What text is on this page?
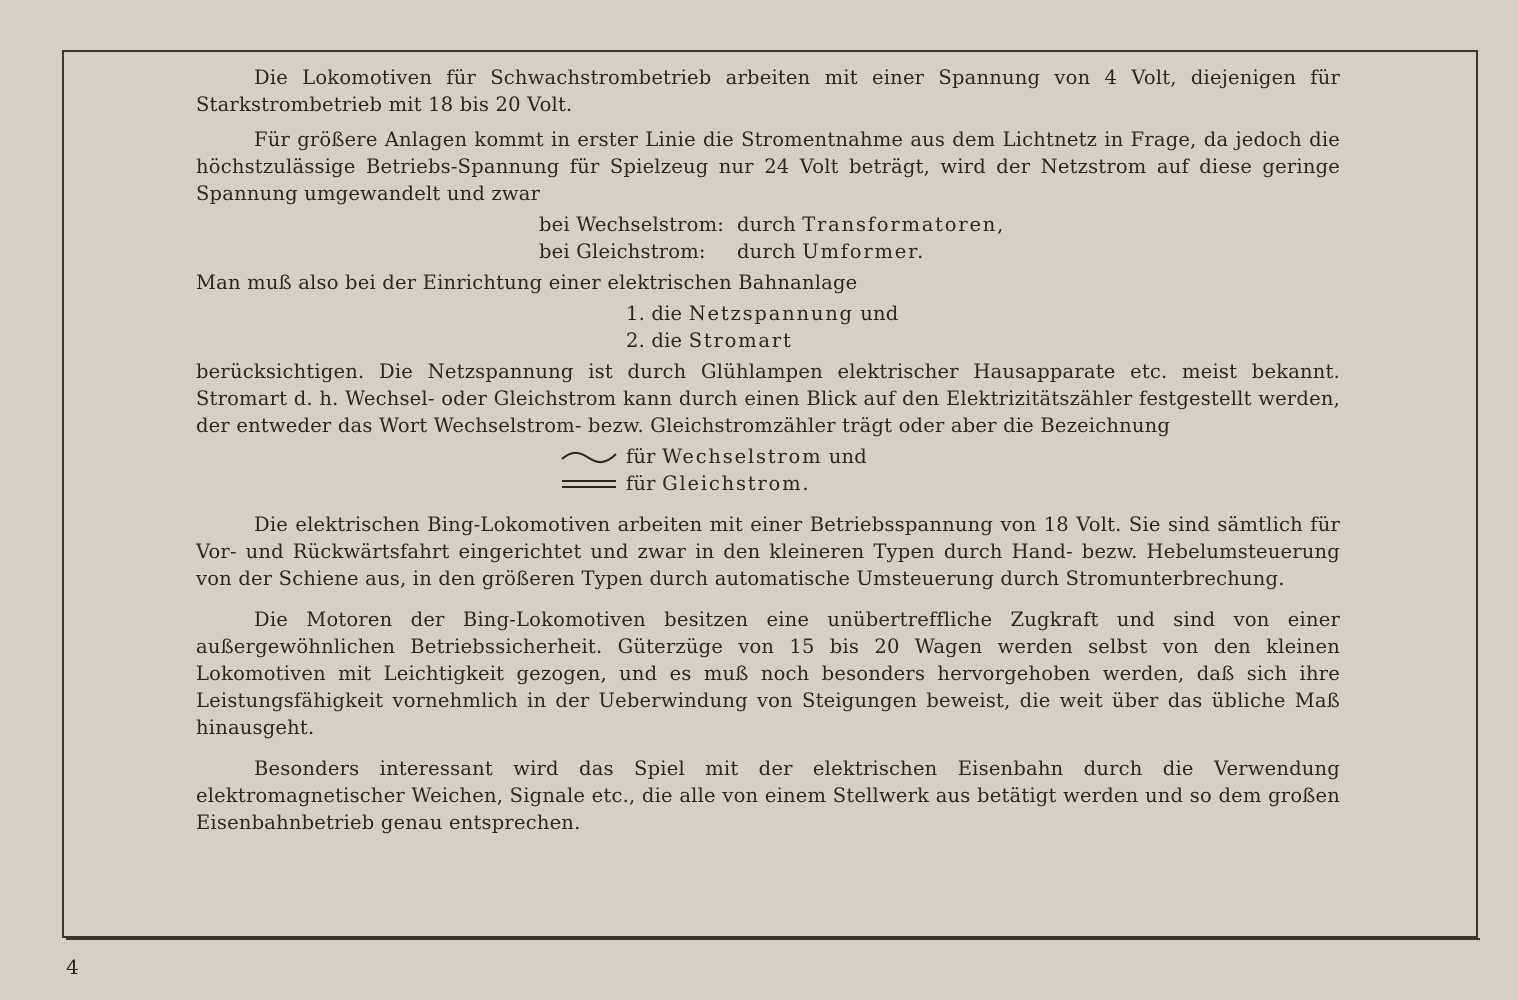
Die Lokomotiven für Schwachstrombetrieb arbeiten mit einer Spannung von 4 Volt, diejenigen für Starkstrombetrieb mit 18 bis 20 Volt.

Für größere Anlagen kommt in erster Linie die Stromentnahme aus dem Lichtnetz in Frage, da jedoch die höchstzulässige Betriebs-Spannung für Spielzeug nur 24 Volt beträgt, wird der Netzstrom auf diese geringe Spannung umgewandelt und zwar

bei Wechselstrom: durch
Transformatoren,
bei Gleichstrom:	durch
Umformer.

Man muß also bei der Einrichtung einer elektrischen Bahnanlage

1.
die
Netzspannung
und
2.
die
Stromart

berücksichtigen. Die Netzspannung ist durch Glühlampen elektrischer Hausapparate etc. meist bekannt. Stromart d. h. Wechsel- oder Gleichstrom kann durch einen Blick auf den Elektrizitätszähler festgestellt werden, der entweder das Wort Wechselstrom- bezw. Gleichstromzähler trägt oder aber die Bezeichnung

für
Wechselstrom
und
für
Gleichstrom.

Die elektrischen Bing-Lokomotiven arbeiten mit einer Betriebsspannung von 18 Volt. Sie sind sämtlich für Vor- und Rückwärtsfahrt eingerichtet und zwar in den kleineren Typen durch Hand- bezw. Hebelumsteuerung von der Schiene aus, in den größeren Typen durch automatische Umsteuerung durch Stromunterbrechung.

Die Motoren der Bing-Lokomotiven besitzen eine unübertreffliche Zugkraft und sind von einer außergewöhnlichen Betriebssicherheit. Güterzüge von 15 bis 20 Wagen werden selbst von den kleinen Lokomotiven mit Leichtigkeit gezogen, und es muß noch besonders hervorgehoben werden, daß sich ihre Leistungsfähigkeit vornehmlich in der Ueberwindung von Steigungen beweist, die weit über das übliche Maß hinausgeht.

Besonders interessant wird das Spiel mit der elektrischen Eisenbahn durch die Verwendung elektromagnetischer Weichen, Signale etc., die alle von einem Stellwerk aus betätigt werden und so dem großen Eisenbahnbetrieb genau entsprechen.

4
